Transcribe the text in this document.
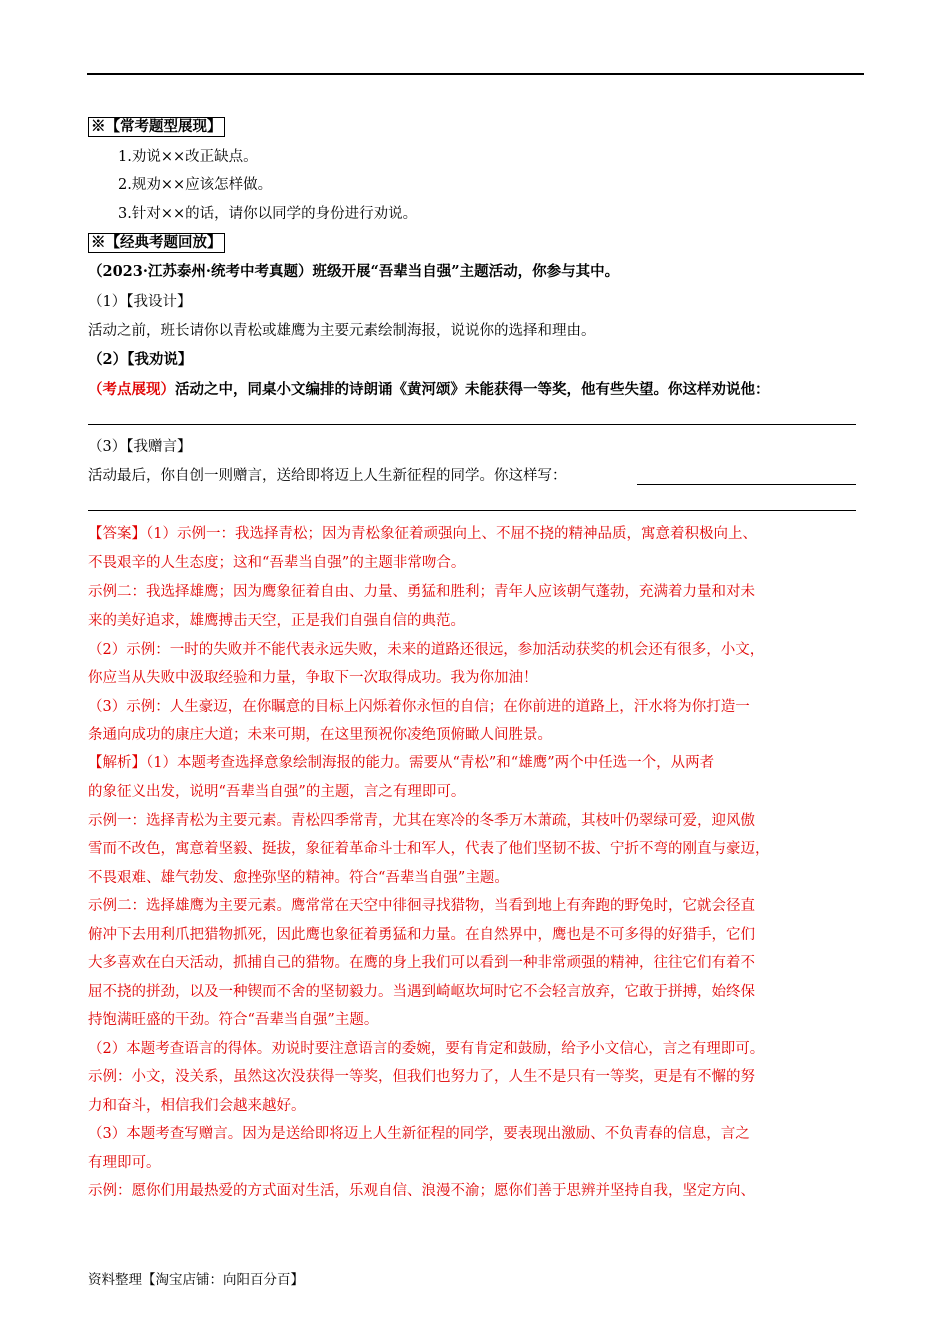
※【常考题型展现】
1.劝说××改正缺点。
2.规劝××应该怎样做。
3.针对××的话，请你以同学的身份进行劝说。
※【经典考题回放】
（2023·江苏泰州·统考中考真题）班级开展“吾辈当自强”主题活动，你参与其中。
（1）【我设计】
活动之前，班长请你以青松或雄鹰为主要元素绘制海报，说说你的选择和理由。
（2）【我劝说】
（考点展现）活动之中，同桌小文编排的诗朗诵《黄河颂》未能获得一等奖，他有些失望。你这样劝说他：
（3）【我赠言】
活动最后，你自创一则赠言，送给即将迈上人生新征程的同学。你这样写：
【答案】（1）示例一：我选择青松；因为青松象征着顽强向上、不屈不挠的精神品质，寓意着积极向上、
不畏艰辛的人生态度；这和“吾辈当自强”的主题非常吻合。
示例二：我选择雄鹰；因为鹰象征着自由、力量、勇猛和胜利；青年人应该朝气蓬勃，充满着力量和对未
来的美好追求，雄鹰搏击天空，正是我们自强自信的典范。
（2）示例：一时的失败并不能代表永远失败，未来的道路还很远，参加活动获奖的机会还有很多，小文，
你应当从失败中汲取经验和力量，争取下一次取得成功。我为你加油！
（3）示例：人生豪迈，在你瞩意的目标上闪烁着你永恒的自信；在你前进的道路上，汗水将为你打造一
条通向成功的康庄大道；未来可期，在这里预祝你凌绝顶俯瞰人间胜景。
【解析】（1）本题考查选择意象绘制海报的能力。需要从“青松”和“雄鹰”两个中任选一个，从两者
的象征义出发，说明“吾辈当自强”的主题，言之有理即可。
示例一：选择青松为主要元素。青松四季常青，尤其在寒冷的冬季万木萧疏，其枝叶仍翠绿可爱，迎风傲
雪而不改色，寓意着坚毅、挺拔，象征着革命斗士和军人，代表了他们坚韧不拔、宁折不弯的刚直与豪迈，
不畏艰难、雄气勃发、愈挫弥坚的精神。符合“吾辈当自强”主题。
示例二：选择雄鹰为主要元素。鹰常常在天空中徘徊寻找猎物，当看到地上有奔跑的野兔时，它就会径直
俯冲下去用利爪把猎物抓死，因此鹰也象征着勇猛和力量。在自然界中，鹰也是不可多得的好猎手，它们
大多喜欢在白天活动，抓捕自己的猎物。在鹰的身上我们可以看到一种非常顽强的精神，往往它们有着不
屈不挠的拼劲，以及一种锲而不舍的坚韧毅力。当遇到崎岖坎坷时它不会轻言放弃，它敢于拼搏，始终保
持饱满旺盛的干劲。符合“吾辈当自强”主题。
（2）本题考查语言的得体。劝说时要注意语言的委婉，要有肯定和鼓励，给予小文信心，言之有理即可。
示例：小文，没关系，虽然这次没获得一等奖，但我们也努力了，人生不是只有一等奖，更是有不懈的努
力和奋斗，相信我们会越来越好。
（3）本题考查写赠言。因为是送给即将迈上人生新征程的同学，要表现出激励、不负青春的信息，言之
有理即可。
示例：愿你们用最热爱的方式面对生活，乐观自信、浪漫不渝；愿你们善于思辨并坚持自我，坚定方向、
资料整理【淘宝店铺：向阳百分百】
